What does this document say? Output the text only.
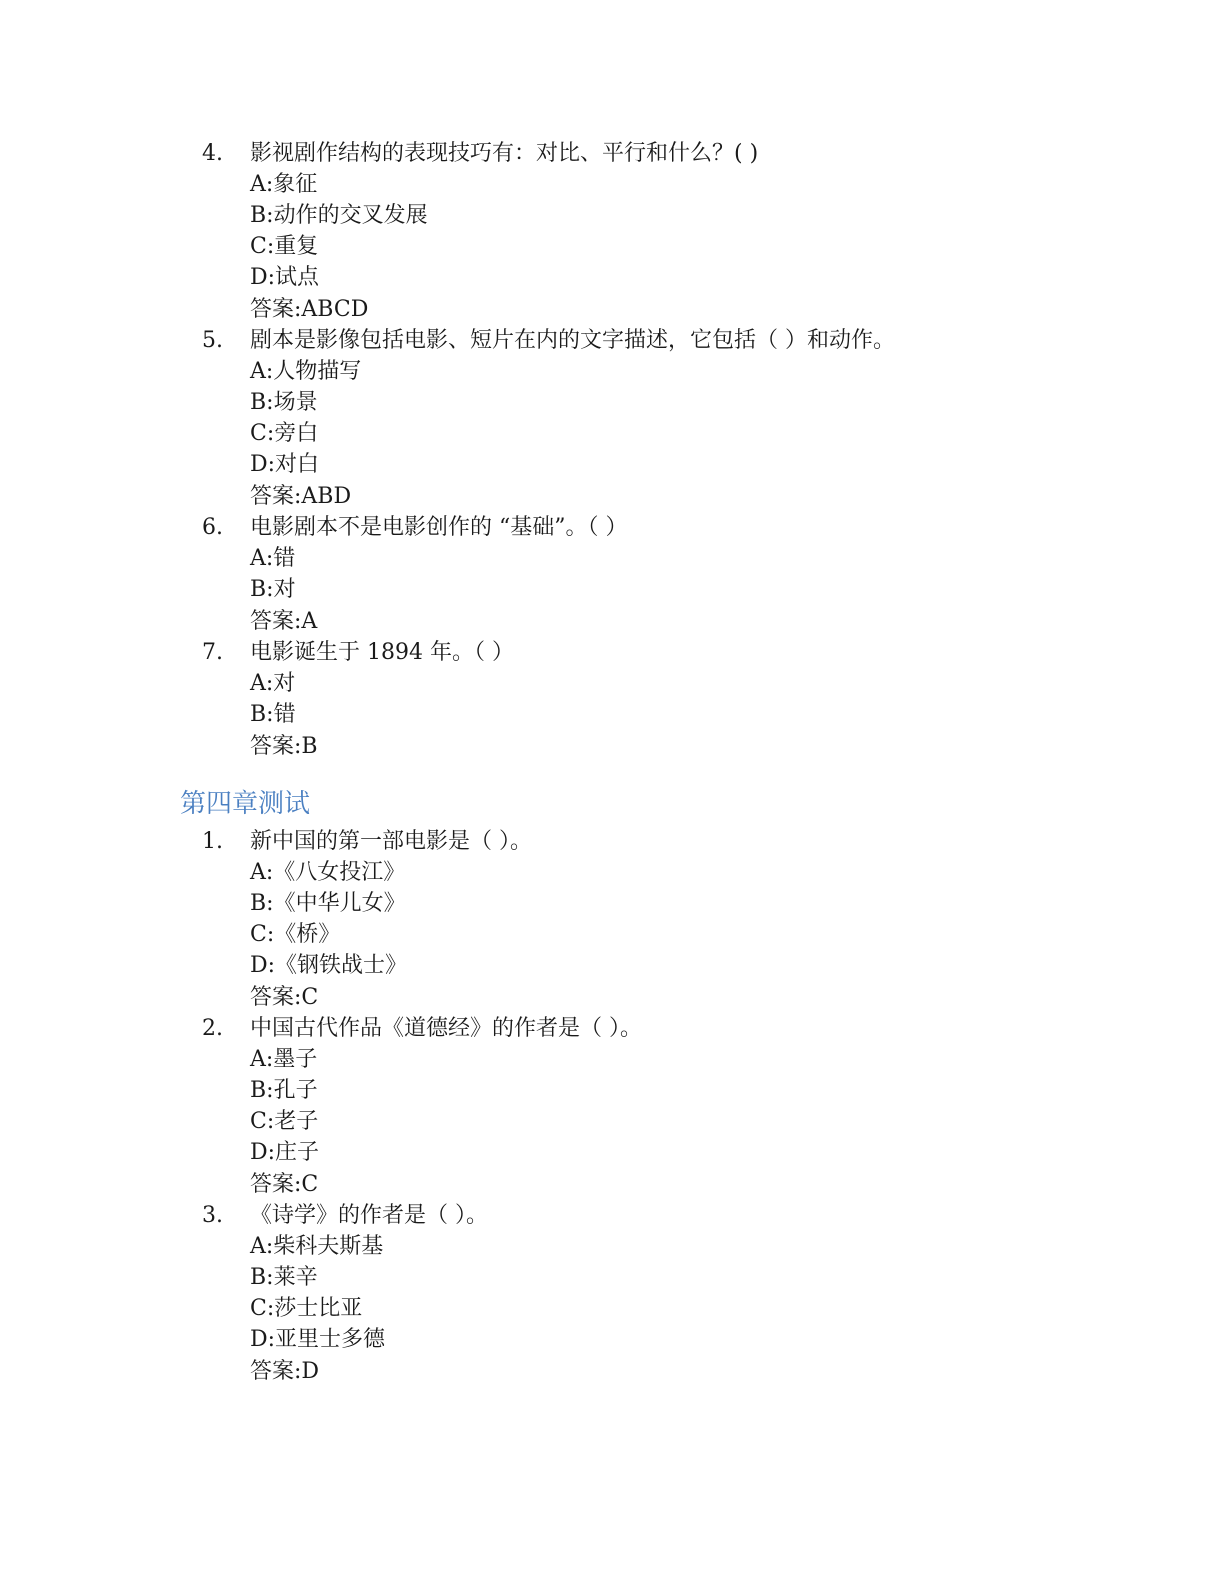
4.	影视剧作结构的表现技巧有：对比、平行和什么？( )
A:象征
B:动作的交叉发展
C:重复
D:试点
答案:ABCD
5.	剧本是影像包括电影、短片在内的文字描述，它包括（ ）和动作。
A:人物描写
B:场景
C:旁白
D:对白
答案:ABD
6.	电影剧本不是电影创作的 “基础”。（ ）
A:错
B:对
答案:A
7.	电影诞生于 1894 年。（ ）
A:对
B:错
答案:B
第四章测试
1.	新中国的第一部电影是（ ）。
A:《八女投江》
B:《中华儿女》
C:《桥》
D:《钢铁战士》
答案:C
2.	中国古代作品《道德经》的作者是（ ）。
A:墨子
B:孔子
C:老子
D:庄子
答案:C
3.	《诗学》的作者是（ ）。
A:柴科夫斯基
B:莱辛
C:莎士比亚
D:亚里士多德
答案:D
